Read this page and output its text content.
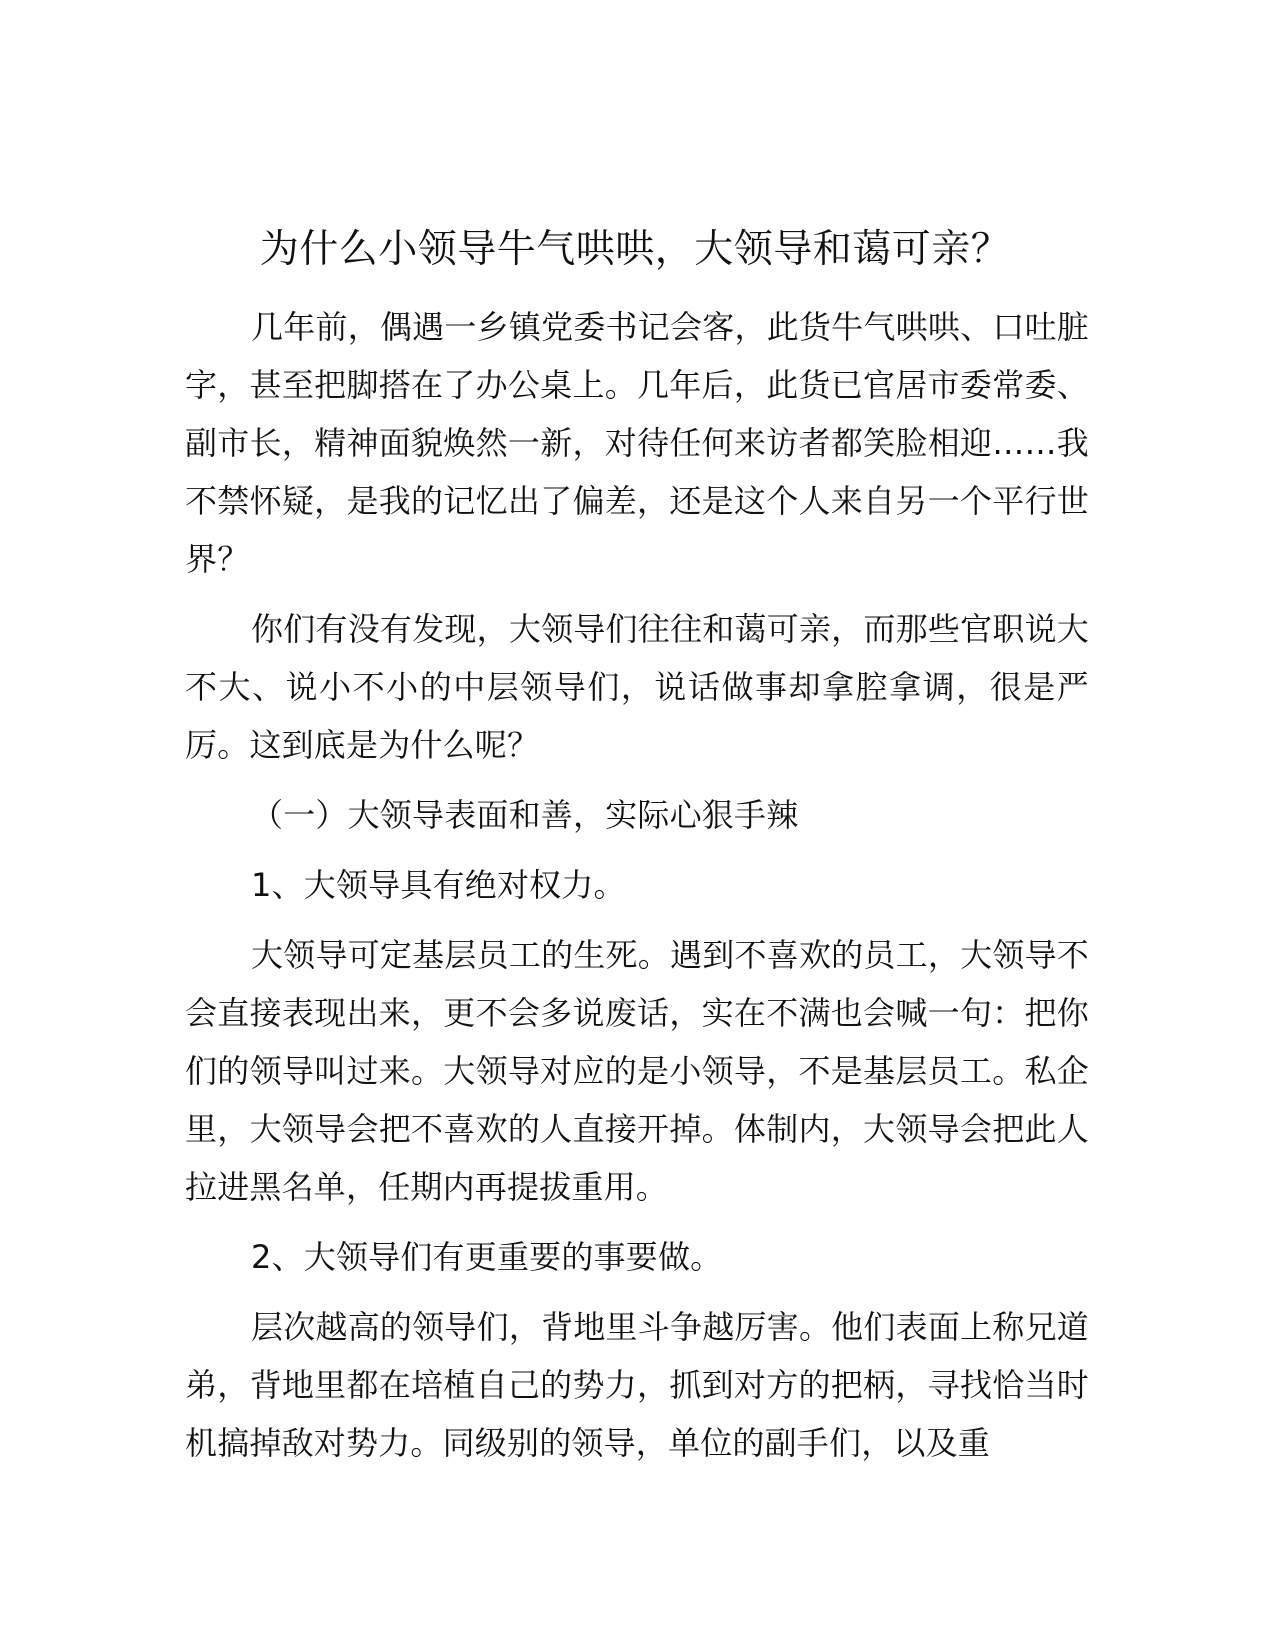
为什么小领导牛气哄哄，大领导和蔼可亲？

几年前，偶遇一乡镇党委书记会客，此货牛气哄哄、口吐脏字，甚至把脚搭在了办公桌上。几年后，此货已官居市委常委、副市长，精神面貌焕然一新，对待任何来访者都笑脸相迎……我不禁怀疑，是我的记忆出了偏差，还是这个人来自另一个平行世界？

你们有没有发现，大领导们往往和蔼可亲，而那些官职说大不大、说小不小的中层领导们，说话做事却拿腔拿调，很是严厉。这到底是为什么呢？

（一）大领导表面和善，实际心狠手辣

1、大领导具有绝对权力。

大领导可定基层员工的生死。遇到不喜欢的员工，大领导不会直接表现出来，更不会多说废话，实在不满也会喊一句：把你们的领导叫过来。大领导对应的是小领导，不是基层员工。私企里，大领导会把不喜欢的人直接开掉。体制内，大领导会把此人拉进黑名单，任期内再提拔重用。

2、大领导们有更重要的事要做。

层次越高的领导们，背地里斗争越厉害。他们表面上称兄道弟，背地里都在培植自己的势力，抓到对方的把柄，寻找恰当时机搞掉敌对势力。同级别的领导，单位的副手们，以及重
